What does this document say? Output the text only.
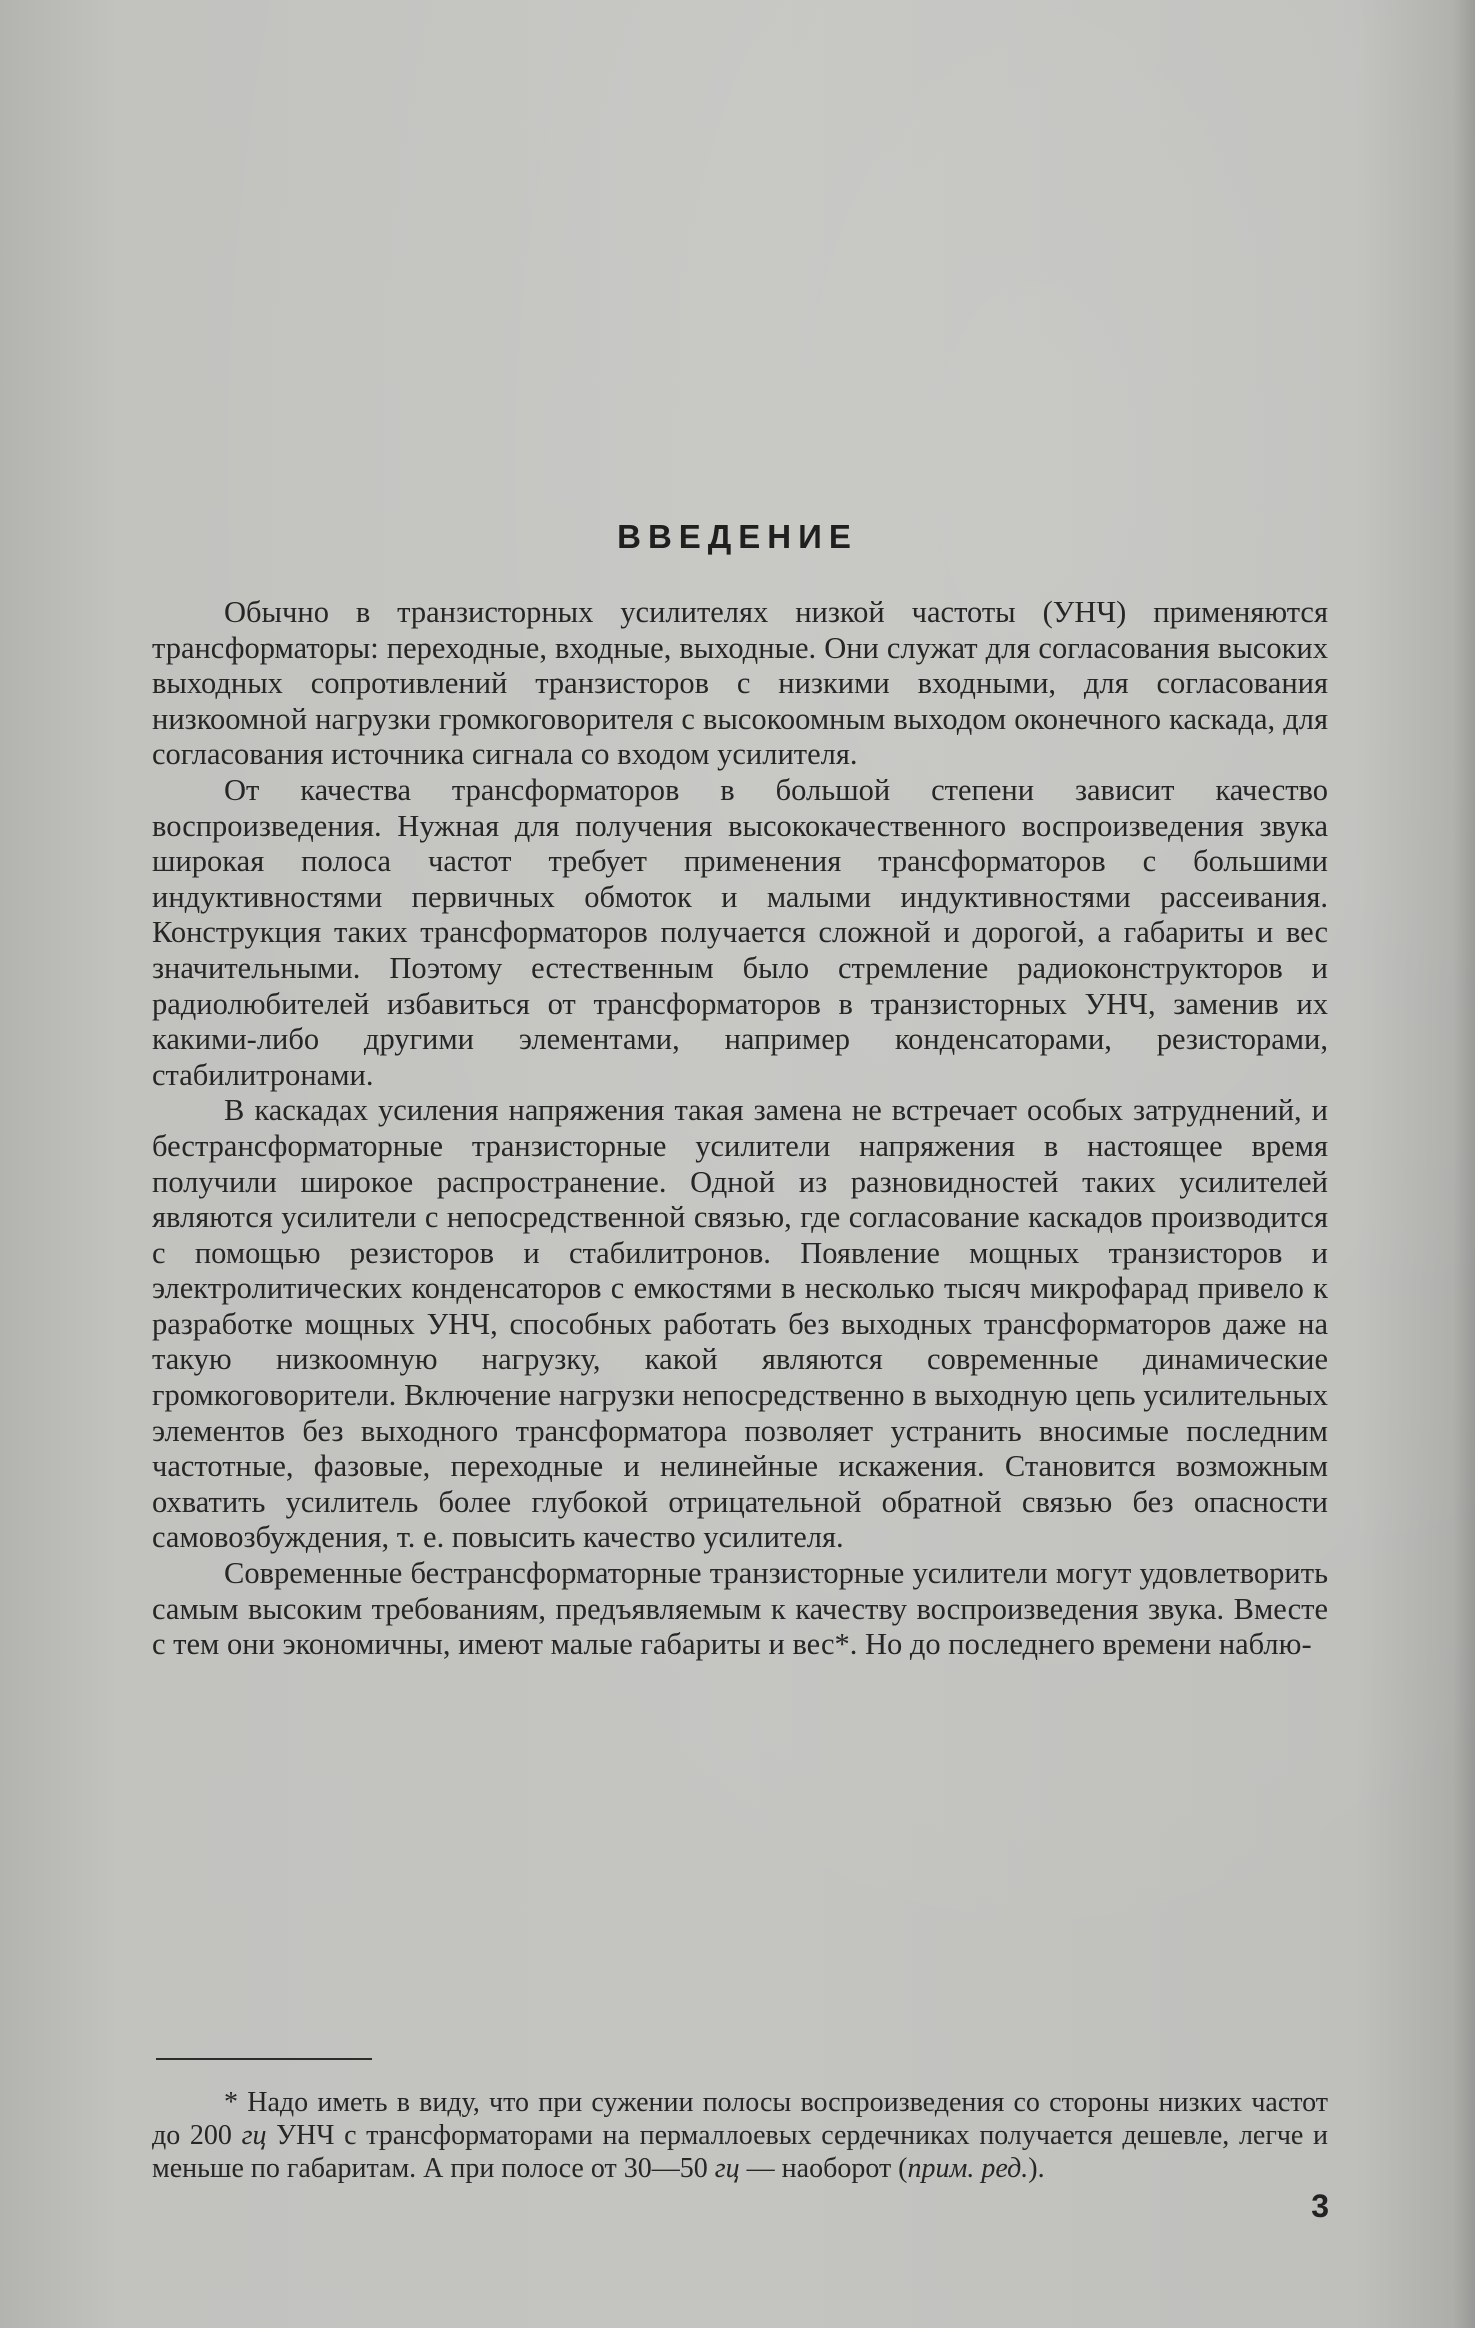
ВВЕДЕНИЕ

Обычно в транзисторных усилителях низкой частоты (УНЧ) применяются трансформаторы: переходные, входные, выходные. Они служат для согласования высоких выходных сопротивлений транзисторов с низкими входными, для согласования низкоомной нагрузки громкоговорителя с высокоомным выходом оконечного каскада, для согласования источника сигнала со входом усилителя.

От качества трансформаторов в большой степени зависит качество воспроизведения. Нужная для получения высококачественного воспроизведения звука широкая полоса частот требует применения трансформаторов с большими индуктивностями первичных обмоток и малыми индуктивностями рассеивания. Конструкция таких трансформаторов получается сложной и дорогой, а габариты и вес значительными. Поэтому естественным было стремление радиоконструкторов и радиолюбителей избавиться от трансформаторов в транзисторных УНЧ, заменив их какими-либо другими элементами, например конденсаторами, резисторами, стабилитронами.

В каскадах усиления напряжения такая замена не встречает особых затруднений, и бестрансформаторные транзисторные усилители напряжения в настоящее время получили широкое распространение. Одной из разновидностей таких усилителей являются усилители с непосредственной связью, где согласование каскадов производится с помощью резисторов и стабилитронов. Появление мощных транзисторов и электролитических конденсаторов с емкостями в несколько тысяч микрофарад привело к разработке мощных УНЧ, способных работать без выходных трансформаторов даже на такую низкоомную нагрузку, какой являются современные динамические громкоговорители. Включение нагрузки непосредственно в выходную цепь усилительных элементов без выходного трансформатора позволяет устранить вносимые последним частотные, фазовые, переходные и нелинейные искажения. Становится возможным охватить усилитель более глубокой отрицательной обратной связью без опасности самовозбуждения, т. е. повысить качество усилителя.

Современные бестрансформаторные транзисторные усилители могут удовлетворить самым высоким требованиям, предъявляемым к качеству воспроизведения звука. Вместе с тем они экономичны, имеют малые габариты и вес*. Но до последнего времени наблю-

* Надо иметь в виду, что при сужении полосы воспроизведения со стороны низких частот до 200 гц УНЧ с трансформаторами на пермаллоевых сердечниках получается дешевле, легче и меньше по габаритам. А при полосе от 30—50 гц — наоборот (прим. ред.).

3
